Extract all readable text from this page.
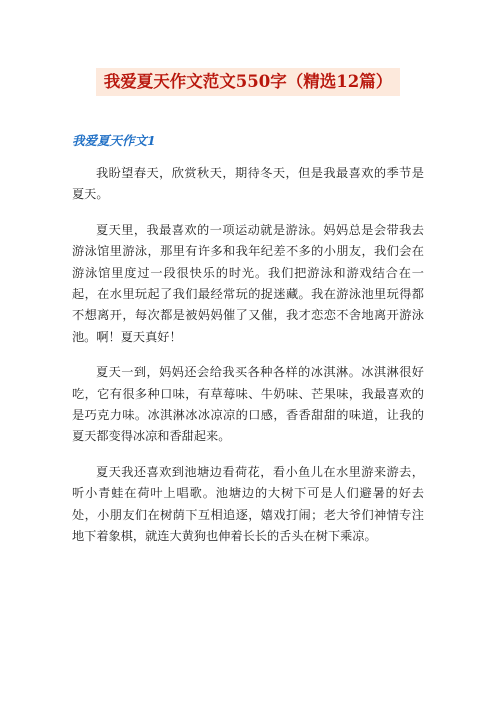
我爱夏天作文范文550字（精选12篇）
我爱夏天作文1

我盼望春天，欣赏秋天，期待冬天，但是我最喜欢的季节是夏天。

夏天里，我最喜欢的一项运动就是游泳。妈妈总是会带我去游泳馆里游泳，那里有许多和我年纪差不多的小朋友，我们会在游泳馆里度过一段很快乐的时光。我们把游泳和游戏结合在一起，在水里玩起了我们最经常玩的捉迷藏。我在游泳池里玩得都不想离开，每次都是被妈妈催了又催，我才恋恋不舍地离开游泳池。啊！夏天真好！

夏天一到，妈妈还会给我买各种各样的冰淇淋。冰淇淋很好吃，它有很多种口味，有草莓味、牛奶味、芒果味，我最喜欢的是巧克力味。冰淇淋冰冰凉凉的口感，香香甜甜的味道，让我的夏天都变得冰凉和香甜起来。

夏天我还喜欢到池塘边看荷花，看小鱼儿在水里游来游去，听小青蛙在荷叶上唱歌。池塘边的大树下可是人们避暑的好去处，小朋友们在树荫下互相追逐，嬉戏打闹；老大爷们神情专注地下着象棋，就连大黄狗也伸着长长的舌头在树下乘凉。
